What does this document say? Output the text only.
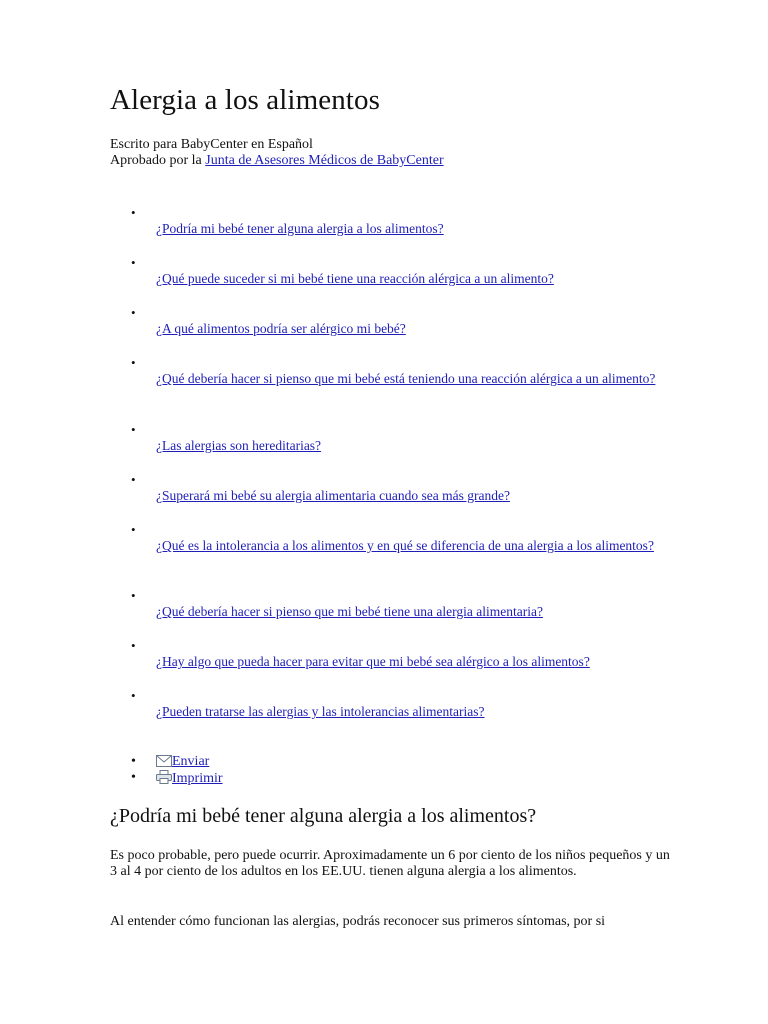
Alergia a los alimentos
Escrito para BabyCenter en Español
Aprobado por la Junta de Asesores Médicos de BabyCenter
•
¿Podría mi bebé tener alguna alergia a los alimentos?
•
¿Qué puede suceder si mi bebé tiene una reacción alérgica a un alimento?
•
¿A qué alimentos podría ser alérgico mi bebé?
•
¿Qué debería hacer si pienso que mi bebé está teniendo una reacción alérgica a un alimento?
•
¿Las alergias son hereditarias?
•
¿Superará mi bebé su alergia alimentaria cuando sea más grande?
•
¿Qué es la intolerancia a los alimentos y en qué se diferencia de una alergia a los alimentos?
•
¿Qué debería hacer si pienso que mi bebé tiene una alergia alimentaria?
•
¿Hay algo que pueda hacer para evitar que mi bebé sea alérgico a los alimentos?
•
¿Pueden tratarse las alergias y las intolerancias alimentarias?
•	Enviar
•	Imprimir
¿Podría mi bebé tener alguna alergia a los alimentos?

Es poco probable, pero puede ocurrir. Aproximadamente un 6 por ciento de los niños pequeños y un 3 al 4 por ciento de los adultos en los EE.UU. tienen alguna alergia a los alimentos.

Al entender cómo funcionan las alergias, podrás reconocer sus primeros síntomas, por si
